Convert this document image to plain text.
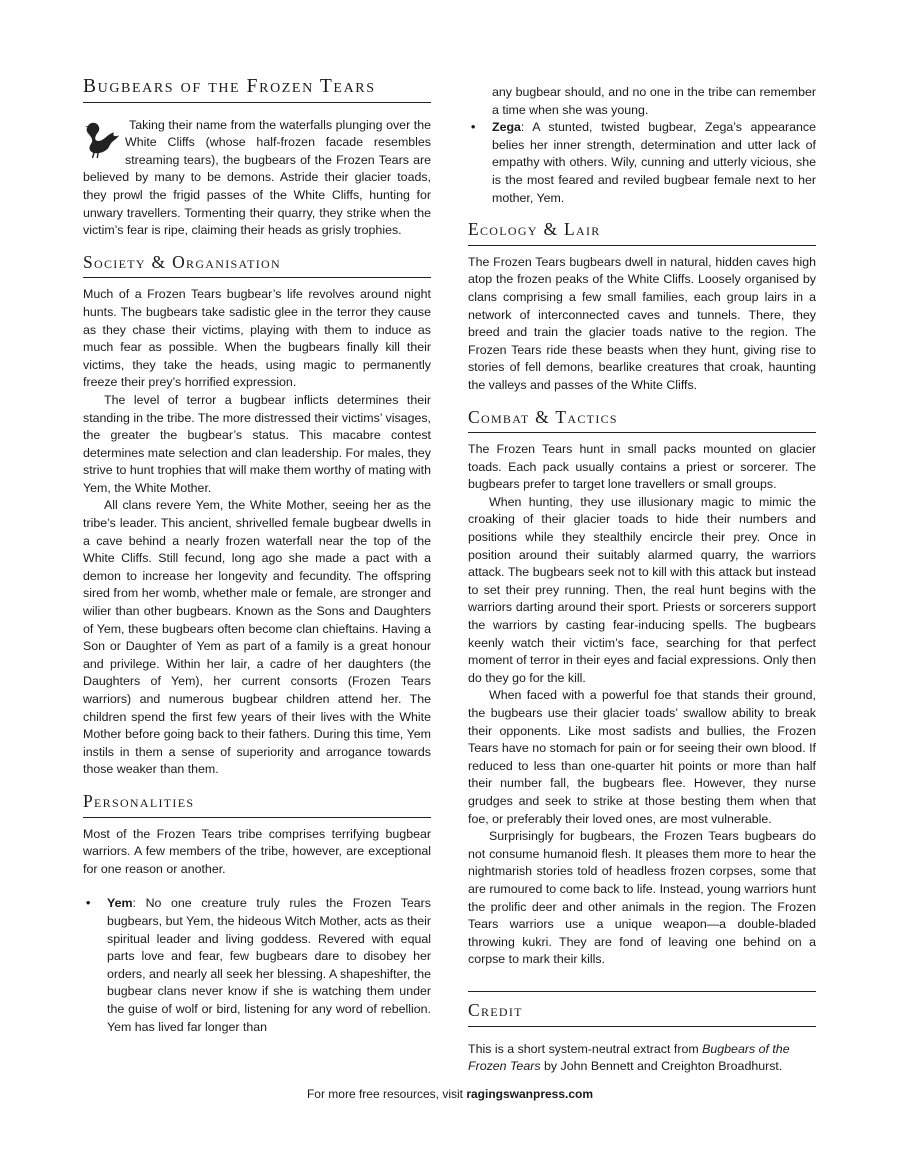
Bugbears of the Frozen Tears

Taking their name from the waterfalls plunging over the White Cliffs (whose half-frozen facade resembles streaming tears), the bugbears of the Frozen Tears are believed by many to be demons. Astride their glacier toads, they prowl the frigid passes of the White Cliffs, hunting for unwary travellers. Tormenting their quarry, they strike when the victim’s fear is ripe, claiming their heads as grisly trophies.

Society & Organisation

Much of a Frozen Tears bugbear’s life revolves around night hunts. The bugbears take sadistic glee in the terror they cause as they chase their victims, playing with them to induce as much fear as possible. When the bugbears finally kill their victims, they take the heads, using magic to permanently freeze their prey’s horrified expression.

The level of terror a bugbear inflicts determines their standing in the tribe. The more distressed their victims’ visages, the greater the bugbear’s status. This macabre contest determines mate selection and clan leadership. For males, they strive to hunt trophies that will make them worthy of mating with Yem, the White Mother.

All clans revere Yem, the White Mother, seeing her as the tribe’s leader. This ancient, shrivelled female bugbear dwells in a cave behind a nearly frozen waterfall near the top of the White Cliffs. Still fecund, long ago she made a pact with a demon to increase her longevity and fecundity. The offspring sired from her womb, whether male or female, are stronger and wilier than other bugbears. Known as the Sons and Daughters of Yem, these bugbears often become clan chieftains. Having a Son or Daughter of Yem as part of a family is a great honour and privilege. Within her lair, a cadre of her daughters (the Daughters of Yem), her current consorts (Frozen Tears warriors) and numerous bugbear children attend her. The children spend the first few years of their lives with the White Mother before going back to their fathers. During this time, Yem instils in them a sense of superiority and arrogance towards those weaker than them.

Personalities

Most of the Frozen Tears tribe comprises terrifying bugbear warriors. A few members of the tribe, however, are exceptional for one reason or another.

• Yem: No one creature truly rules the Frozen Tears bugbears, but Yem, the hideous Witch Mother, acts as their spiritual leader and living goddess. Revered with equal parts love and fear, few bugbears dare to disobey her orders, and nearly all seek her blessing. A shapeshifter, the bugbear clans never know if she is watching them under the guise of wolf or bird, listening for any word of rebellion. Yem has lived far longer than
any bugbear should, and no one in the tribe can remember a time when she was young.
• Zega: A stunted, twisted bugbear, Zega’s appearance belies her inner strength, determination and utter lack of empathy with others. Wily, cunning and utterly vicious, she is the most feared and reviled bugbear female next to her mother, Yem.
Ecology & Lair

The Frozen Tears bugbears dwell in natural, hidden caves high atop the frozen peaks of the White Cliffs. Loosely organised by clans comprising a few small families, each group lairs in a network of interconnected caves and tunnels. There, they breed and train the glacier toads native to the region. The Frozen Tears ride these beasts when they hunt, giving rise to stories of fell demons, bearlike creatures that croak, haunting the valleys and passes of the White Cliffs.

Combat & Tactics

The Frozen Tears hunt in small packs mounted on glacier toads. Each pack usually contains a priest or sorcerer. The bugbears prefer to target lone travellers or small groups.

When hunting, they use illusionary magic to mimic the croaking of their glacier toads to hide their numbers and positions while they stealthily encircle their prey. Once in position around their suitably alarmed quarry, the warriors attack. The bugbears seek not to kill with this attack but instead to set their prey running. Then, the real hunt begins with the warriors darting around their sport. Priests or sorcerers support the warriors by casting fear-inducing spells. The bugbears keenly watch their victim’s face, searching for that perfect moment of terror in their eyes and facial expressions. Only then do they go for the kill.

When faced with a powerful foe that stands their ground, the bugbears use their glacier toads’ swallow ability to break their opponents. Like most sadists and bullies, the Frozen Tears have no stomach for pain or for seeing their own blood. If reduced to less than one-quarter hit points or more than half their number fall, the bugbears flee. However, they nurse grudges and seek to strike at those besting them when that foe, or preferably their loved ones, are most vulnerable.

Surprisingly for bugbears, the Frozen Tears bugbears do not consume humanoid flesh. It pleases them more to hear the nightmarish stories told of headless frozen corpses, some that are rumoured to come back to life. Instead, young warriors hunt the prolific deer and other animals in the region. The Frozen Tears warriors use a unique weapon—a double-bladed throwing kukri. They are fond of leaving one behind on a corpse to mark their kills.

Credit

This is a short system-neutral extract from Bugbears of the Frozen Tears by John Bennett and Creighton Broadhurst.

For more free resources, visit ragingswanpress.com
